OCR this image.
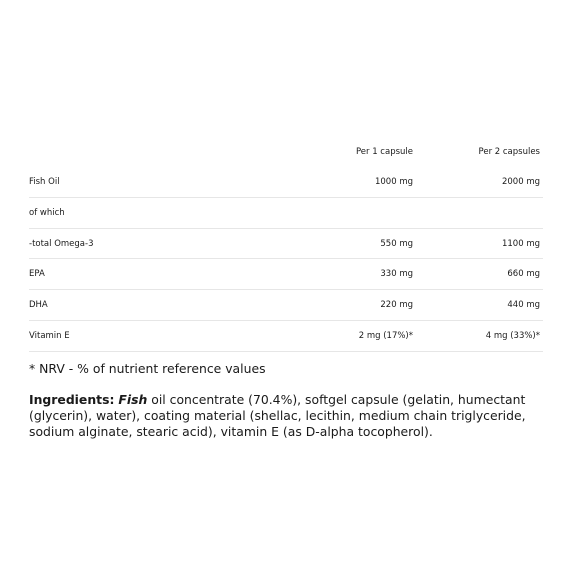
Per 1 capsule	Per 2 capsules
Fish Oil	1000 mg	2000 mg
of which
-total Omega-3	550 mg	1100 mg
EPA	330 mg	660 mg
DHA	220 mg	440 mg
Vitamin E	2 mg (17%)*	4 mg (33%)*
* NRV - % of nutrient reference values
Ingredients: Fish oil concentrate (70.4%), softgel capsule (gelatin, humectant (glycerin), water), coating material (shellac, lecithin, medium chain triglyceride, sodium alginate, stearic acid), vitamin E (as D-alpha tocopherol).
